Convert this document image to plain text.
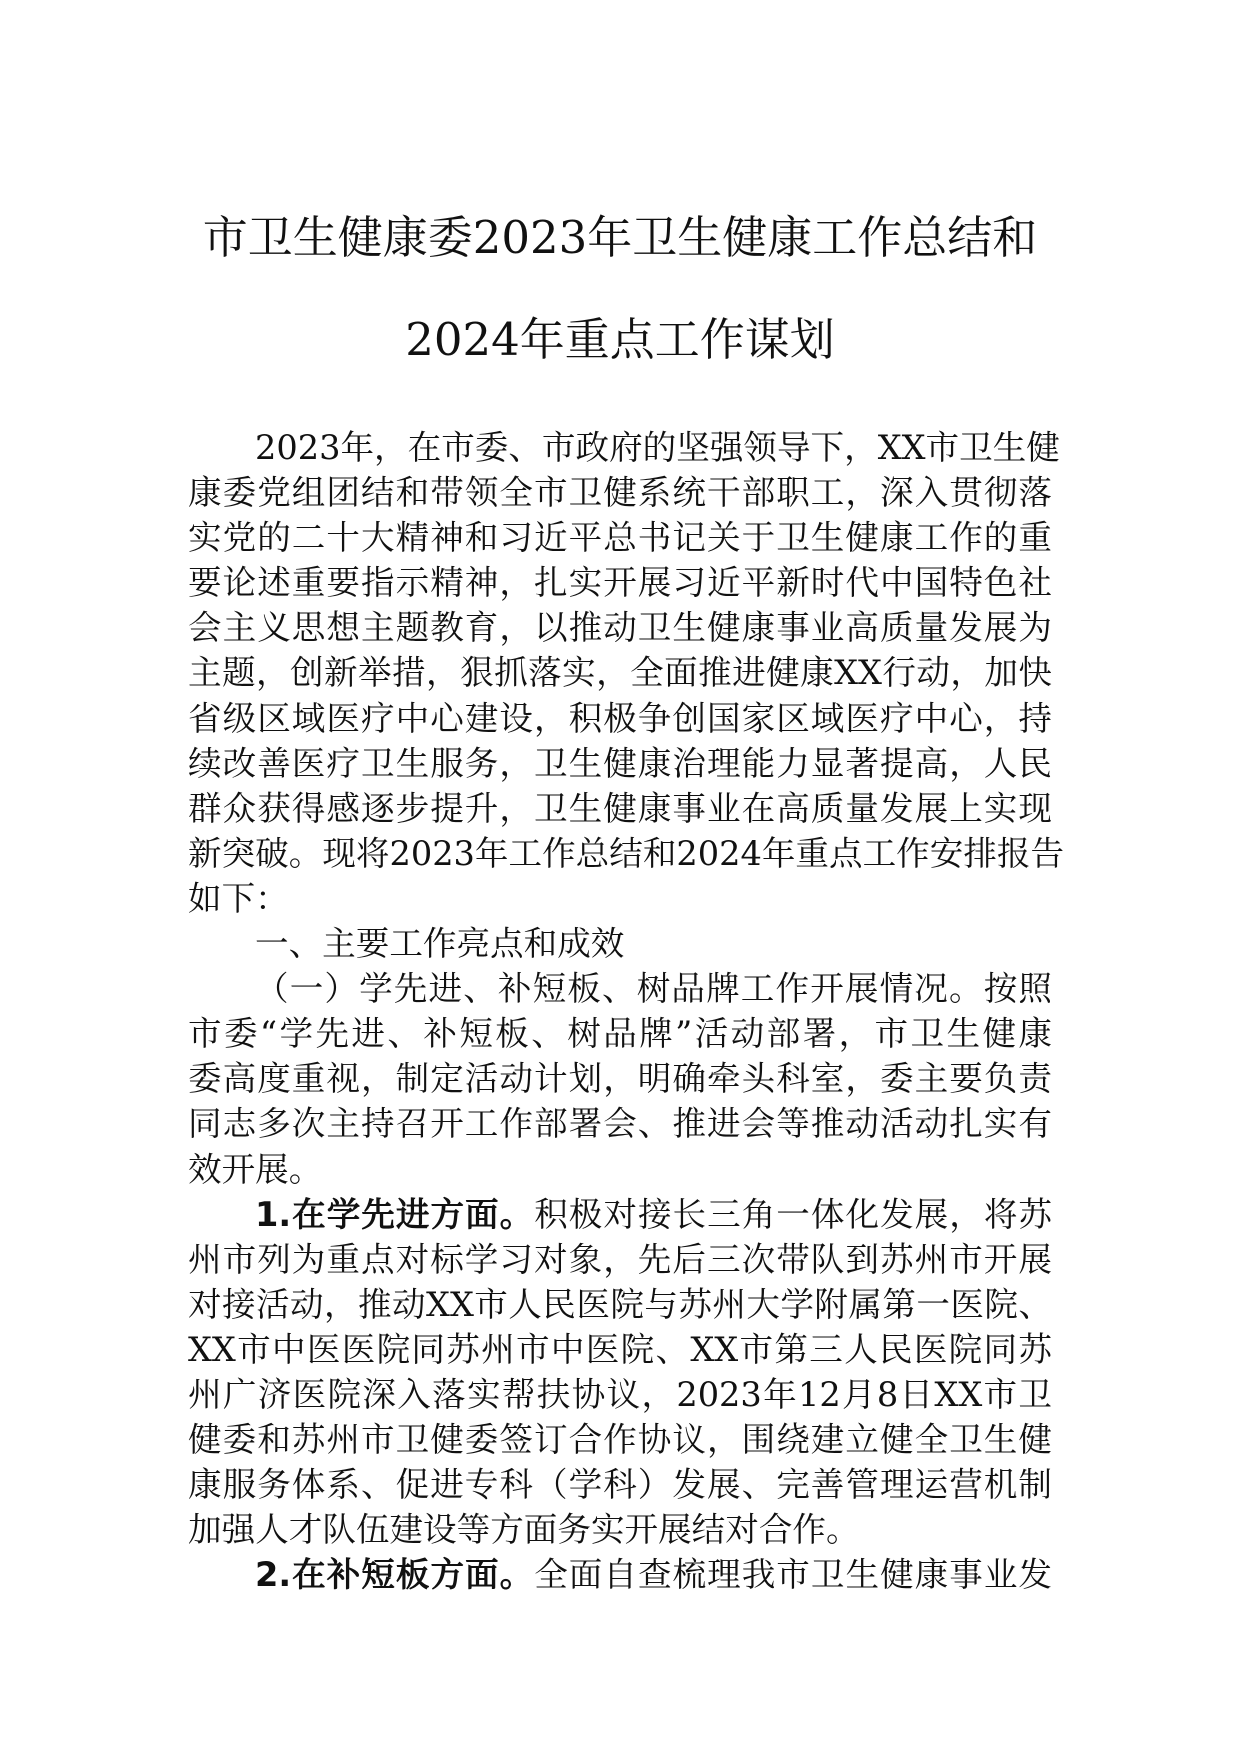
市卫生健康委2023年卫生健康工作总结和
2024年重点工作谋划
2023年，在市委、市政府的坚强领导下，XX市卫生健
康委党组团结和带领全市卫健系统干部职工，深入贯彻落
实党的二十大精神和习近平总书记关于卫生健康工作的重
要论述重要指示精神，扎实开展习近平新时代中国特色社
会主义思想主题教育，以推动卫生健康事业高质量发展为
主题，创新举措，狠抓落实，全面推进健康XX行动，加快
省级区域医疗中心建设，积极争创国家区域医疗中心，持
续改善医疗卫生服务，卫生健康治理能力显著提高，人民
群众获得感逐步提升，卫生健康事业在高质量发展上实现
新突破。现将2023年工作总结和2024年重点工作安排报告
如下：
一、主要工作亮点和成效
（一）学先进、补短板、树品牌工作开展情况。按照
市委“学先进、补短板、树品牌”活动部署，市卫生健康
委高度重视，制定活动计划，明确牵头科室，委主要负责
同志多次主持召开工作部署会、推进会等推动活动扎实有
效开展。
1.在学先进方面。积极对接长三角一体化发展，将苏
州市列为重点对标学习对象，先后三次带队到苏州市开展
对接活动，推动XX市人民医院与苏州大学附属第一医院、
XX市中医医院同苏州市中医院、XX市第三人民医院同苏
州广济医院深入落实帮扶协议，2023年12月8日XX市卫
健委和苏州市卫健委签订合作协议，围绕建立健全卫生健
康服务体系、促进专科（学科）发展、完善管理运营机制
加强人才队伍建设等方面务实开展结对合作。
2.在补短板方面。全面自查梳理我市卫生健康事业发
